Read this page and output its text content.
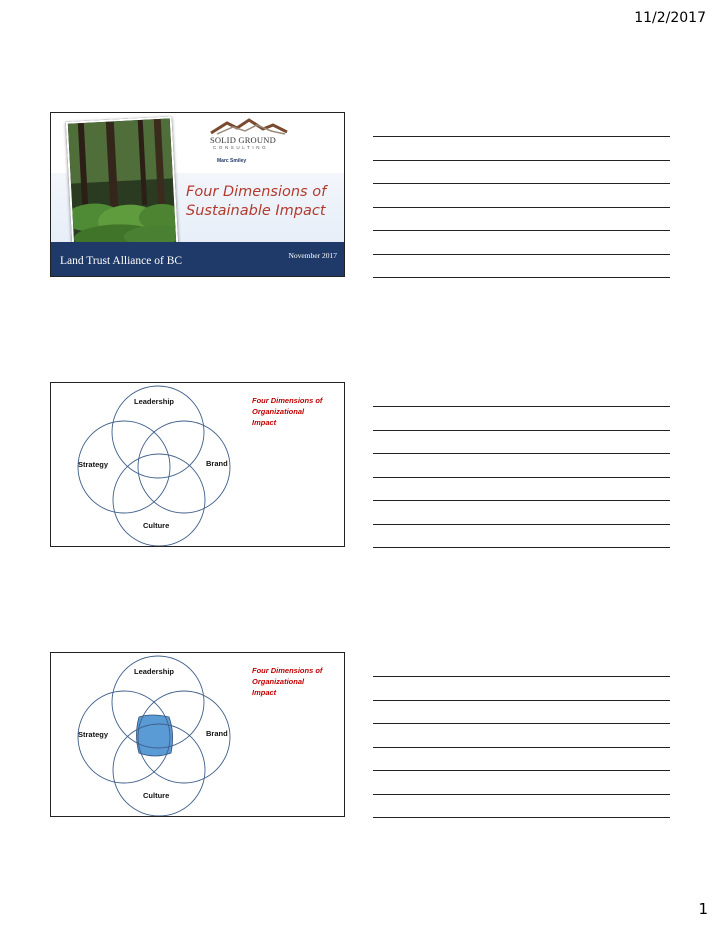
11/2/2017
SOLID GROUND
CONSULTING
Marc Smiley
Four Dimensions of
Sustainable Impact
Land Trust Alliance of BC	November 2017
Leadership
Strategy	Brand
Culture
Four Dimensions of
Organizational
Impact
Leadership
Strategy	Brand
Culture
Four Dimensions of
Organizational
Impact
1
